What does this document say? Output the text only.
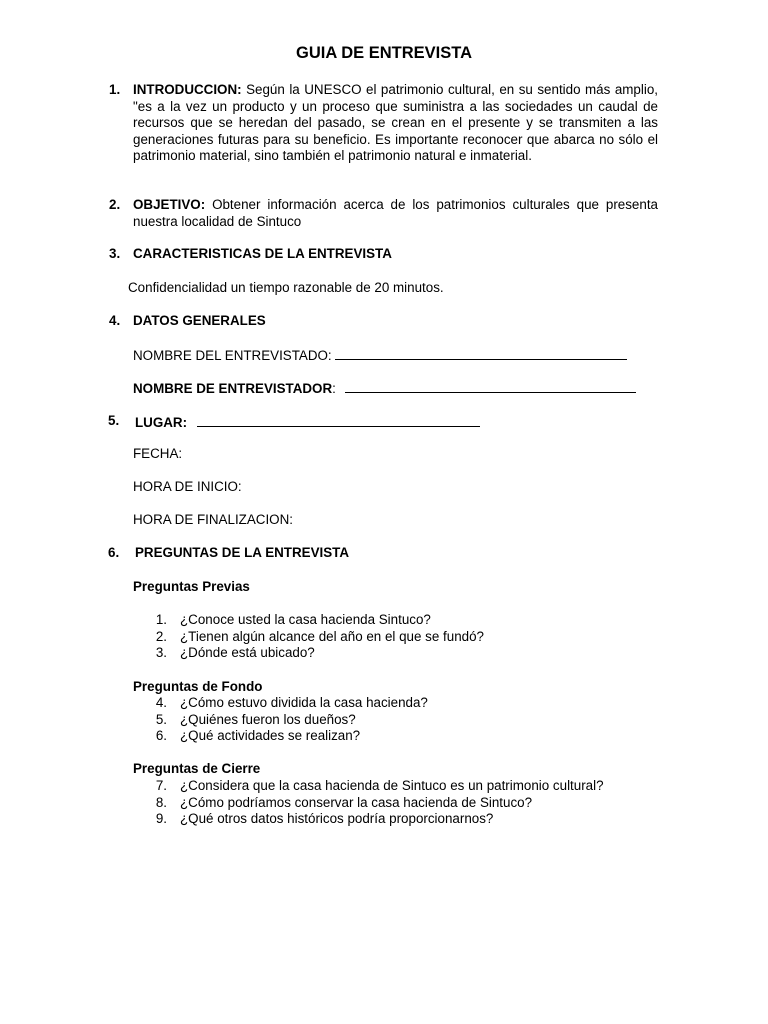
GUIA DE ENTREVISTA
1. INTRODUCCION: Según la UNESCO el patrimonio cultural, en su sentido más amplio, "es a la vez un producto y un proceso que suministra a las sociedades un caudal de recursos que se heredan del pasado, se crean en el presente y se transmiten a las generaciones futuras para su beneficio. Es importante reconocer que abarca no sólo el patrimonio material, sino también el patrimonio natural e inmaterial.
2. OBJETIVO: Obtener información acerca de los patrimonios culturales que presenta nuestra localidad de Sintuco
3. CARACTERISTICAS DE LA ENTREVISTA
Confidencialidad un tiempo razonable de 20 minutos.
4. DATOS GENERALES
NOMBRE DEL ENTREVISTADO:
NOMBRE DE ENTREVISTADOR:
5. LUGAR:
FECHA:
HORA DE INICIO:
HORA DE FINALIZACION:
6. PREGUNTAS DE LA ENTREVISTA
Preguntas Previas
1. ¿Conoce usted la casa hacienda Sintuco?
2. ¿Tienen algún alcance del año en el que se fundó?
3. ¿Dónde está ubicado?
Preguntas de Fondo
4. ¿Cómo estuvo dividida la casa hacienda?
5. ¿Quiénes fueron los dueños?
6. ¿Qué actividades se realizan?
Preguntas de Cierre
7. ¿Considera que la casa hacienda de Sintuco es un patrimonio cultural?
8. ¿Cómo podríamos conservar la casa hacienda de Sintuco?
9. ¿Qué otros datos históricos podría proporcionarnos?
